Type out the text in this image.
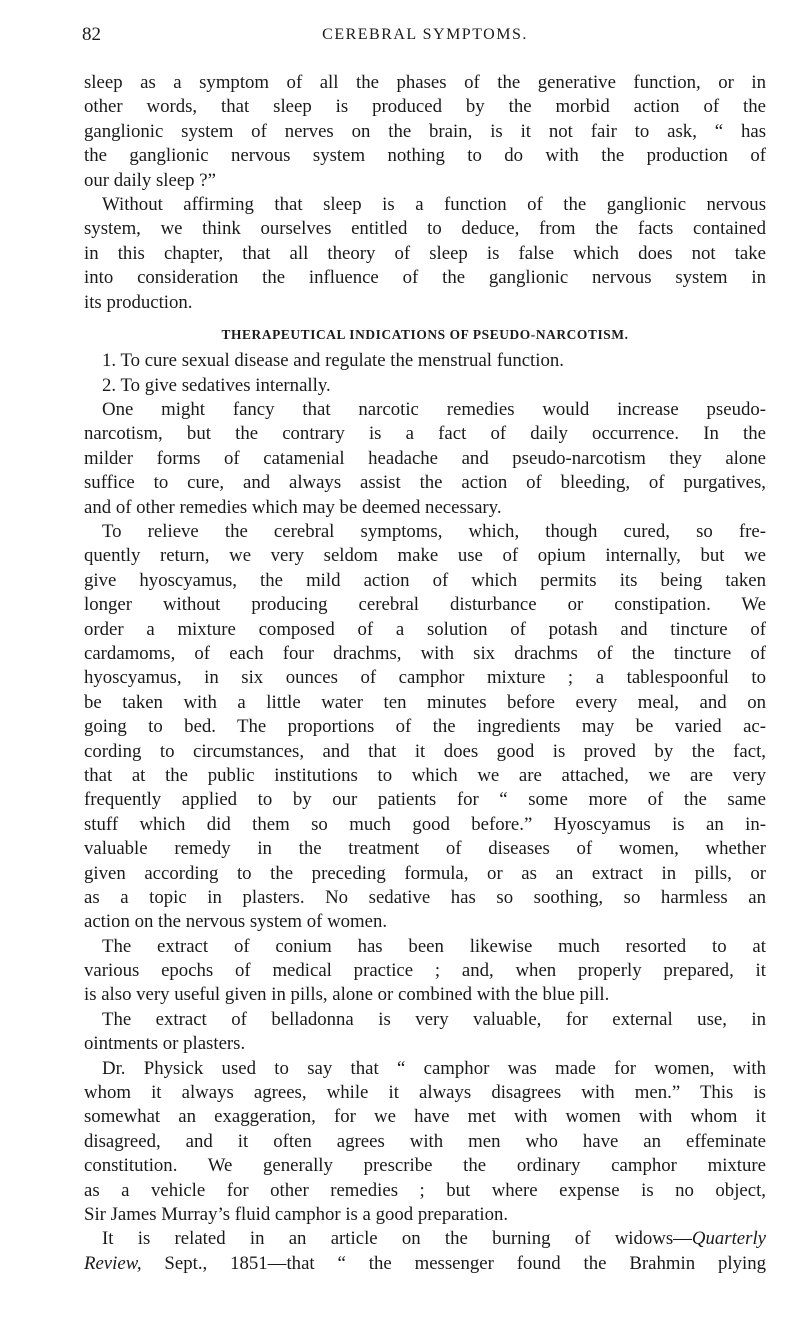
82	CEREBRAL SYMPTOMS.
sleep as a symptom of all the phases of the generative function, or in
other words, that sleep is produced by the morbid action of the
ganglionic system of nerves on the brain, is it not fair to ask, “ has
the ganglionic nervous system nothing to do with the production of
our daily sleep ?”
Without affirming that sleep is a function of the ganglionic nervous
system, we think ourselves entitled to deduce, from the facts contained
in this chapter, that all theory of sleep is false which does not take
into consideration the influence of the ganglionic nervous system in
its production.
THERAPEUTICAL INDICATIONS OF PSEUDO-NARCOTISM.
1. To cure sexual disease and regulate the menstrual function.
2. To give sedatives internally.
One might fancy that narcotic remedies would increase pseudo-
narcotism, but the contrary is a fact of daily occurrence. In the
milder forms of catamenial headache and pseudo-narcotism they alone
suffice to cure, and always assist the action of bleeding, of purgatives,
and of other remedies which may be deemed necessary.
To relieve the cerebral symptoms, which, though cured, so fre-
quently return, we very seldom make use of opium internally, but we
give hyoscyamus, the mild action of which permits its being taken
longer without producing cerebral disturbance or constipation. We
order a mixture composed of a solution of potash and tincture of
cardamoms, of each four drachms, with six drachms of the tincture of
hyoscyamus, in six ounces of camphor mixture ; a tablespoonful to
be taken with a little water ten minutes before every meal, and on
going to bed. The proportions of the ingredients may be varied ac-
cording to circumstances, and that it does good is proved by the fact,
that at the public institutions to which we are attached, we are very
frequently applied to by our patients for “ some more of the same
stuff which did them so much good before.” Hyoscyamus is an in-
valuable remedy in the treatment of diseases of women, whether
given according to the preceding formula, or as an extract in pills, or
as a topic in plasters. No sedative has so soothing, so harmless an
action on the nervous system of women.
The extract of conium has been likewise much resorted to at
various epochs of medical practice ; and, when properly prepared, it
is also very useful given in pills, alone or combined with the blue pill.
The extract of belladonna is very valuable, for external use, in
ointments or plasters.
Dr. Physick used to say that “ camphor was made for women, with
whom it always agrees, while it always disagrees with men.” This is
somewhat an exaggeration, for we have met with women with whom it
disagreed, and it often agrees with men who have an effeminate
constitution. We generally prescribe the ordinary camphor mixture
as a vehicle for other remedies ; but where expense is no object,
Sir James Murray’s fluid camphor is a good preparation.
It is related in an article on the burning of widows—Quarterly
Review, Sept., 1851—that “ the messenger found the Brahmin plying
